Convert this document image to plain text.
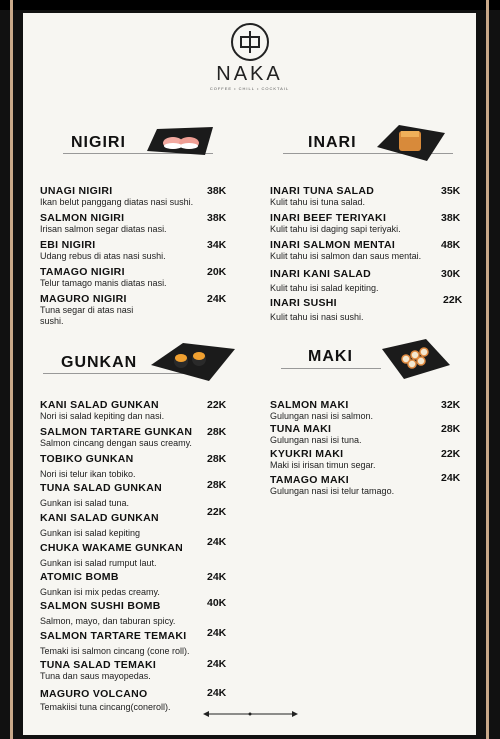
NAKA
COFFEE • CHILL • COCKTAIL
NIGIRI	INARI
UNAGI NIGIRI
Ikan belut panggang diatas nasi sushi.
38K
SALMON NIGIRI
Irisan salmon segar diatas nasi.
38K
EBI NIGIRI
Udang rebus di atas nasi sushi.
34K
TAMAGO NIGIRI
Telur tamago manis diatas nasi.
20K
MAGURO NIGIRI
Tuna segar di atas nasi sushi.
24K
INARI TUNA SALAD
Kulit tahu isi tuna salad.
35K
INARI BEEF TERIYAKI
Kulit tahu isi daging sapi teriyaki.
38K
INARI SALMON MENTAI
Kulit tahu isi salmon dan saus mentai.
48K
INARI KANI SALAD
Kulit tahu isi salad kepiting.
30K
INARI SUSHI
Kulit tahu isi nasi sushi.
22K
GUNKAN	MAKI
KANI SALAD GUNKAN
Nori isi salad kepiting dan nasi.
22K
SALMON TARTARE GUNKAN
Salmon cincang dengan saus creamy.
28K
TOBIKO GUNKAN
Nori isi telur ikan tobiko.
28K
TUNA SALAD GUNKAN
Gunkan isi salad tuna.
28K
KANI SALAD GUNKAN
Gunkan isi salad kepiting
22K
CHUKA WAKAME GUNKAN
Gunkan isi salad rumput laut.
24K
ATOMIC BOMB
Gunkan isi mix pedas creamy.
24K
SALMON SUSHI BOMB
Salmon, mayo, dan taburan spicy.
40K
SALMON TARTARE TEMAKI
Temaki isi salmon cincang (cone roll).
24K
TUNA SALAD TEMAKI
Tuna dan saus mayopedas.
24K
MAGURO VOLCANO
Temakiisi tuna cincang(coneroll).
24K
SALMON MAKI
Gulungan nasi isi salmon.
32K
TUNA MAKI
Gulungan nasi isi tuna.
28K
KYUKRI MAKI
Maki isi irisan timun segar.
22K
TAMAGO MAKI
Gulungan nasi isi telur tamago.
24K
